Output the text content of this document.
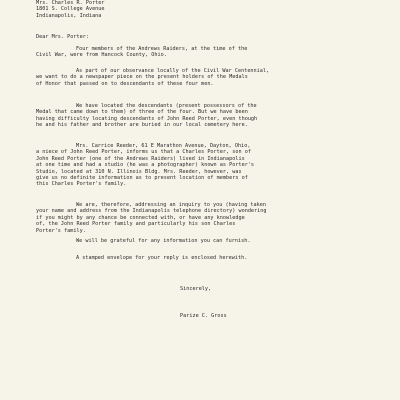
Mrs. Charles R. Porter
1801 S. College Avenue
Indianapolis, Indiana
Dear Mrs. Porter:
Four members of the Andrews Raiders, at the time of the
Civil War, were from Hancock County, Ohio.
As part of our observance locally of the Civil War Centennial,
we want to do a newspaper piece on the present holders of the Medals
of Honor that passed on to descendants of these four men.
We have located the descendants (present possessors of the
Medal that came down to them) of three of the four. But we have been
having difficulty locating descendants of John Reed Porter, even though
he and his father and brother are buried in our local cemetery here.
Mrs. Carrice Reeder, 61 E Marathon Avenue, Dayton, Ohio,
a niece of John Reed Porter, informs us that a Charles Porter, son of
John Reed Porter (one of the Andrews Raiders) lived in Indianapolis
at one time and had a studio (he was a photographer) known as Porter's
Studio, located at 310 N. Illinois Bldg. Mrs. Reeder, however, was
give us no definite information as to present location of members of
this Charles Porter's family.
We are, therefore, addressing an inquiry to you (having taken
your name and address from the Indianapolis telephone directory) wondering
if you might by any chance be connected with, or have any knowledge
of, the John Reed Porter family and particularly his son Charles
Porter's family.
We will be grateful for any information you can furnish.
A stamped envelope for your reply is enclosed herewith.
Sincerely,
Parize C. Gross
